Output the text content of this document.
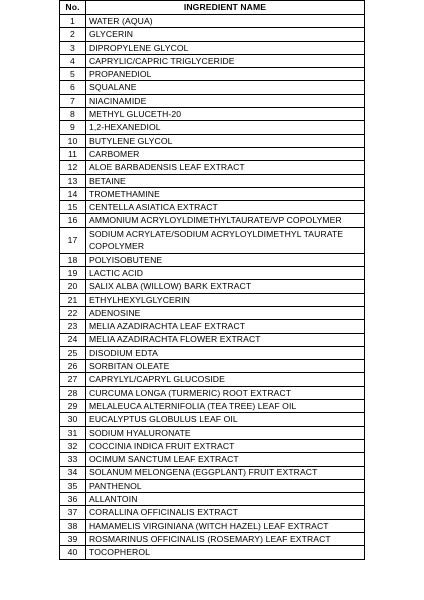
No.	INGREDIENT NAME
1	WATER (AQUA)
2	GLYCERIN
3	DIPROPYLENE GLYCOL
4	CAPRYLIC/CAPRIC TRIGLYCERIDE
5	PROPANEDIOL
6	SQUALANE
7	NIACINAMIDE
8	METHYL GLUCETH-20
9	1,2-HEXANEDIOL
10	BUTYLENE GLYCOL
11	CARBOMER
12	ALOE BARBADENSIS LEAF EXTRACT
13	BETAINE
14	TROMETHAMINE
15	CENTELLA ASIATICA EXTRACT
16	AMMONIUM ACRYLOYLDIMETHYLTAURATE/VP COPOLYMER
17	SODIUM ACRYLATE/SODIUM ACRYLOYLDIMETHYL TAURATE COPOLYMER
18	POLYISOBUTENE
19	LACTIC ACID
20	SALIX ALBA (WILLOW) BARK EXTRACT
21	ETHYLHEXYLGLYCERIN
22	ADENOSINE
23	MELIA AZADIRACHTA LEAF EXTRACT
24	MELIA AZADIRACHTA FLOWER EXTRACT
25	DISODIUM EDTA
26	SORBITAN OLEATE
27	CAPRYLYL/CAPRYL GLUCOSIDE
28	CURCUMA LONGA (TURMERIC) ROOT EXTRACT
29	MELALEUCA ALTERNIFOLIA (TEA TREE) LEAF OIL
30	EUCALYPTUS GLOBULUS LEAF OIL
31	SODIUM HYALURONATE
32	COCCINIA INDICA FRUIT EXTRACT
33	OCIMUM SANCTUM LEAF EXTRACT
34	SOLANUM MELONGENA (EGGPLANT) FRUIT EXTRACT
35	PANTHENOL
36	ALLANTOIN
37	CORALLINA OFFICINALIS EXTRACT
38	HAMAMELIS VIRGINIANA (WITCH HAZEL) LEAF EXTRACT
39	ROSMARINUS OFFICINALIS (ROSEMARY) LEAF EXTRACT
40	TOCOPHEROL
